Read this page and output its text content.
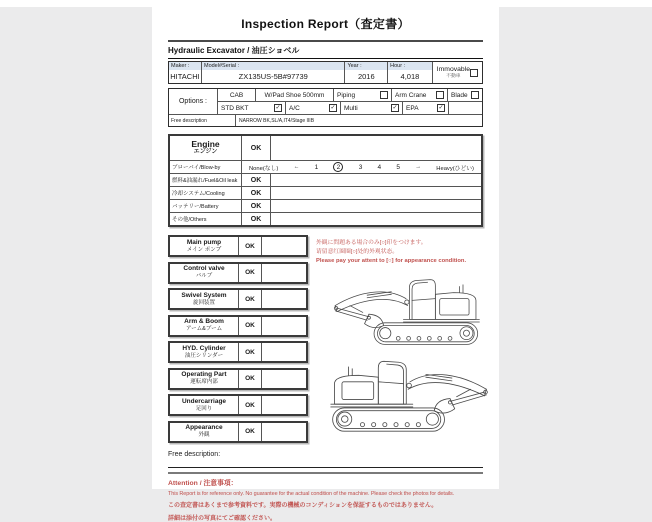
Inspection Report（査定書）
Hydraulic Excavator / 油圧ショベル
Maker :
HITACHI
Model#Serial :
ZX135US-5B#97739
Year :
2016
Hour :
4,018
Immovable
不動車
Options :
CAB	W/Pad Shoe 500mm	Piping	Arm Crane	Blade
STD BKT	✓ A/C	✓ Multi	✓ EPA	✓
Free description	NARROW BK,SL/A,IT4/Stage IIIB
Engine
エンジン
OK
ブローバイ/Blow-by	None(なし)	← 1	2	3 4 5	→	Heavy(ひどい)
燃料&油漏れ/Fuel&Oil leak	OK
冷却システム/Cooling	OK
バッテリー/Battery	OK
その他/Others	OK
Main pump
メイン ポンプ
OK
Control valve
バルブ
OK
Swivel System
旋回装置
OK
Arm & Boom
アーム&ブーム
OK
HYD. Cylinder
油圧シリンダー
OK
Operating Part
運転席内部
OK
Undercarriage
足回り
OK
Appearance
外観
OK
外観に問題ある場合のみ[○]印をつけます。
请留意红圈圈[○]处的外观状态。
Please pay your attent to [○] for appearance condition.
Free description:
Attention / 注意事項：
This Report is for reference only. No guarantee for the actual condition of the machine. Please check the photos for details.
この査定書はあくまで参考資料です。実際の機械のコンディションを保証するものではありません。
詳細は添付の写真にてご確認ください。
